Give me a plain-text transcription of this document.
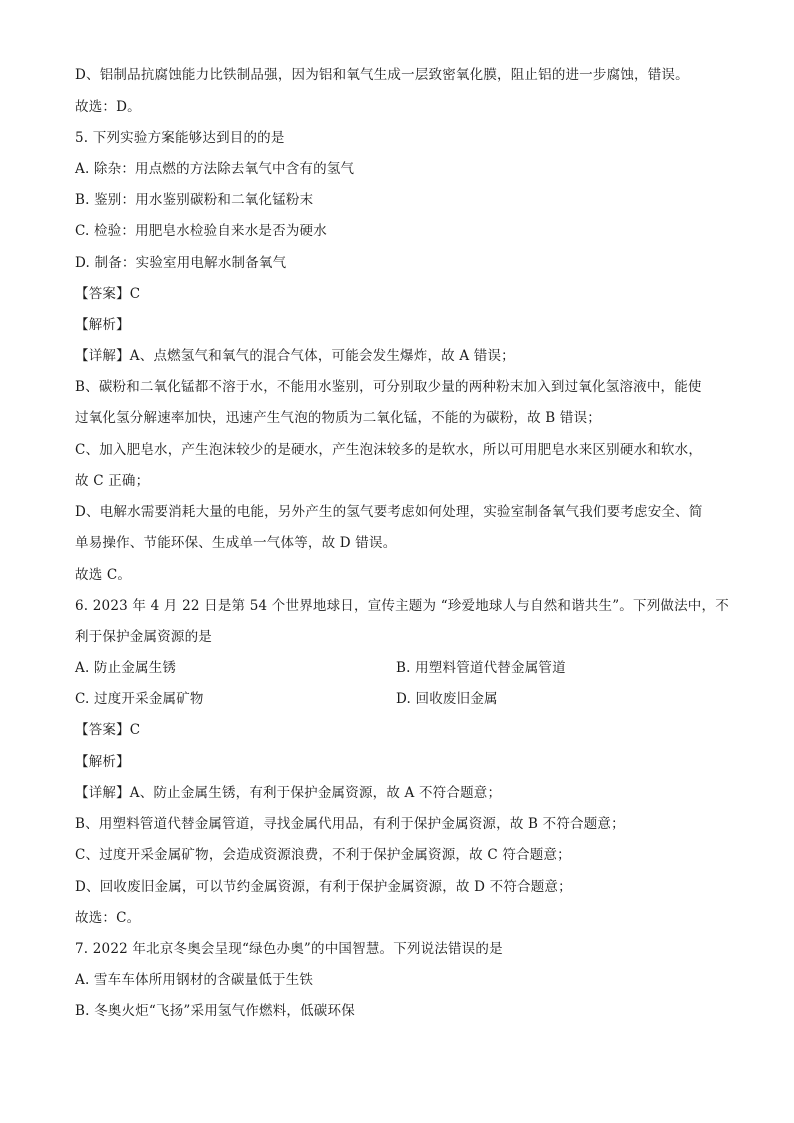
D、铝制品抗腐蚀能力比铁制品强，因为铝和氧气生成一层致密氧化膜，阻止铝的进一步腐蚀，错误。
故选：D。
5. 下列实验方案能够达到目的的是
A. 除杂：用点燃的方法除去氧气中含有的氢气
B. 鉴别：用水鉴别碳粉和二氧化锰粉末
C. 检验：用肥皂水检验自来水是否为硬水
D. 制备：实验室用电解水制备氧气
【答案】C
【解析】
【详解】A、点燃氢气和氧气的混合气体，可能会发生爆炸，故 A 错误；
B、碳粉和二氧化锰都不溶于水，不能用水鉴别，可分别取少量的两种粉末加入到过氧化氢溶液中，能使
过氧化氢分解速率加快，迅速产生气泡的物质为二氧化锰，不能的为碳粉，故 B 错误；
C、加入肥皂水，产生泡沫较少的是硬水，产生泡沫较多的是软水，所以可用肥皂水来区别硬水和软水，
故 C 正确；
D、电解水需要消耗大量的电能，另外产生的氢气要考虑如何处理，实验室制备氧气我们要考虑安全、简
单易操作、节能环保、生成单一气体等，故 D 错误。
故选 C。
6. 2023 年 4 月 22 日是第 54 个世界地球日，宣传主题为 “珍爱地球人与自然和谐共生”。下列做法中，不
利于保护金属资源的是
A. 防止金属生锈	B. 用塑料管道代替金属管道
C. 过度开采金属矿物	D. 回收废旧金属
【答案】C
【解析】
【详解】A、防止金属生锈，有利于保护金属资源，故 A 不符合题意；
B、用塑料管道代替金属管道，寻找金属代用品，有利于保护金属资源，故 B 不符合题意；
C、过度开采金属矿物，会造成资源浪费，不利于保护金属资源，故 C 符合题意；
D、回收废旧金属，可以节约金属资源，有利于保护金属资源，故 D 不符合题意；
故选：C。
7. 2022 年北京冬奥会呈现“绿色办奥”的中国智慧。下列说法错误的是
A. 雪车车体所用钢材的含碳量低于生铁
B. 冬奥火炬“飞扬”采用氢气作燃料，低碳环保
